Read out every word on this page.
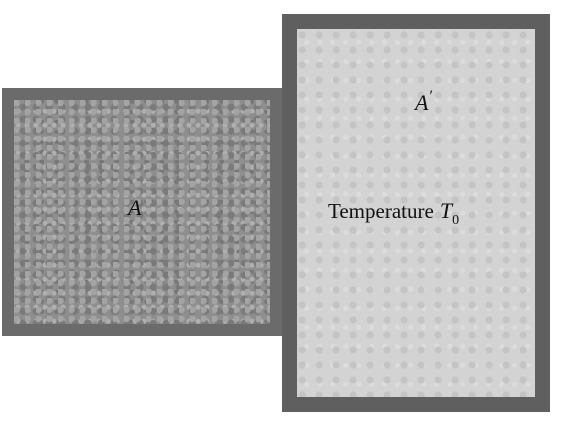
A
A′
Temperature $T_0$
